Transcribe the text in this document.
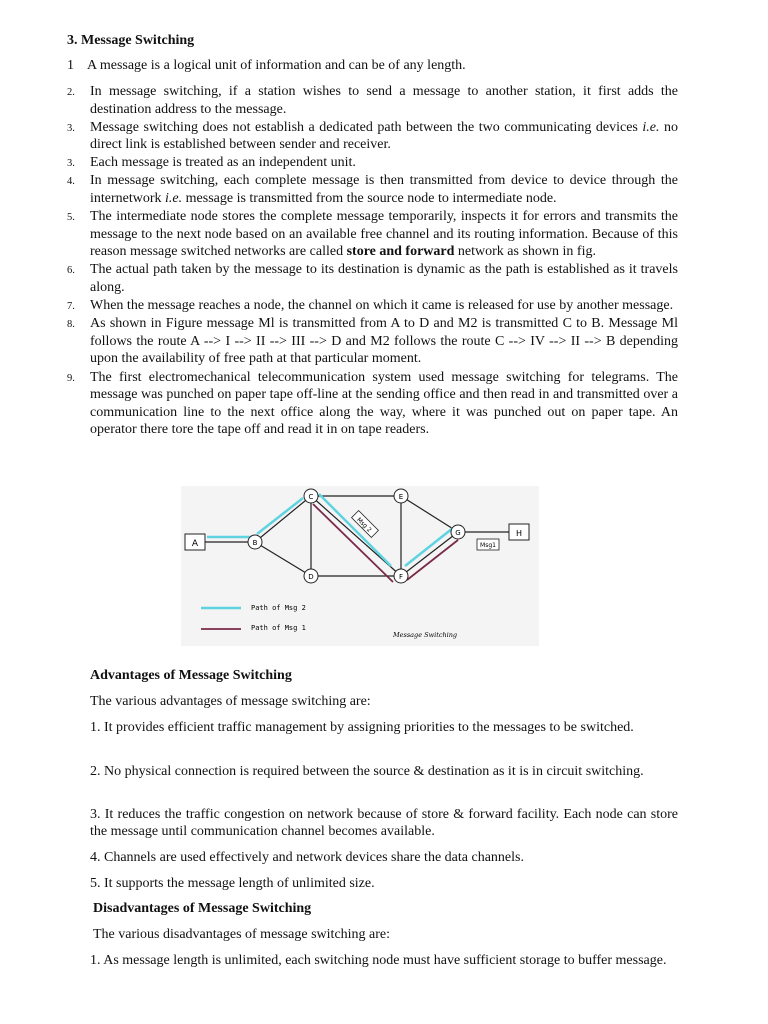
3. Message Switching
1 A message is a logical unit of information and can be of any length.
2. In message switching, if a station wishes to send a message to another station, it first adds the destination address to the message.
3. Message switching does not establish a dedicated path between the two communicating devices i.e. no direct link is established between sender and receiver.
3. Each message is treated as an independent unit.
4. In message switching, each complete message is then transmitted from device to device through the internetwork i.e. message is transmitted from the source node to intermediate node.
5. The intermediate node stores the complete message temporarily, inspects it for errors and transmits the message to the next node based on an available free channel and its routing information. Because of this reason message switched networks are called store and forward network as shown in fig.
6. The actual path taken by the message to its destination is dynamic as the path is established as it travels along.
7. When the message reaches a node, the channel on which it came is released for use by another message.
8. As shown in Figure message Ml is transmitted from A to D and M2 is transmitted C to B. Message Ml follows the route A --> I --> II --> III --> D and M2 follows the route C --> IV --> II --> B depending upon the availability of free path at that particular moment.
9. The first electromechanical telecommunication system used message switching for telegrams. The message was punched on paper tape off-line at the sending office and then read in and transmitted over a communication line to the next office along the way, where it was punched out on paper tape. An operator there tore the tape off and read it in on tape readers.
A
H
B
C
D
E
F
G
Msg 2
Msg1
Path of Msg 2
Path of Msg 1
Message Switching
Advantages of Message Switching
The various advantages of message switching are:
1. It provides efficient traffic management by assigning priorities to the messages to be switched.
2. No physical connection is required between the source & destination as it is in circuit switching.
3. It reduces the traffic congestion on network because of store & forward facility. Each node can store the message until communication channel becomes available.
4. Channels are used effectively and network devices share the data channels.
5. It supports the message length of unlimited size.
Disadvantages of Message Switching
The various disadvantages of message switching are:
1. As message length is unlimited, each switching node must have sufficient storage to buffer message.
